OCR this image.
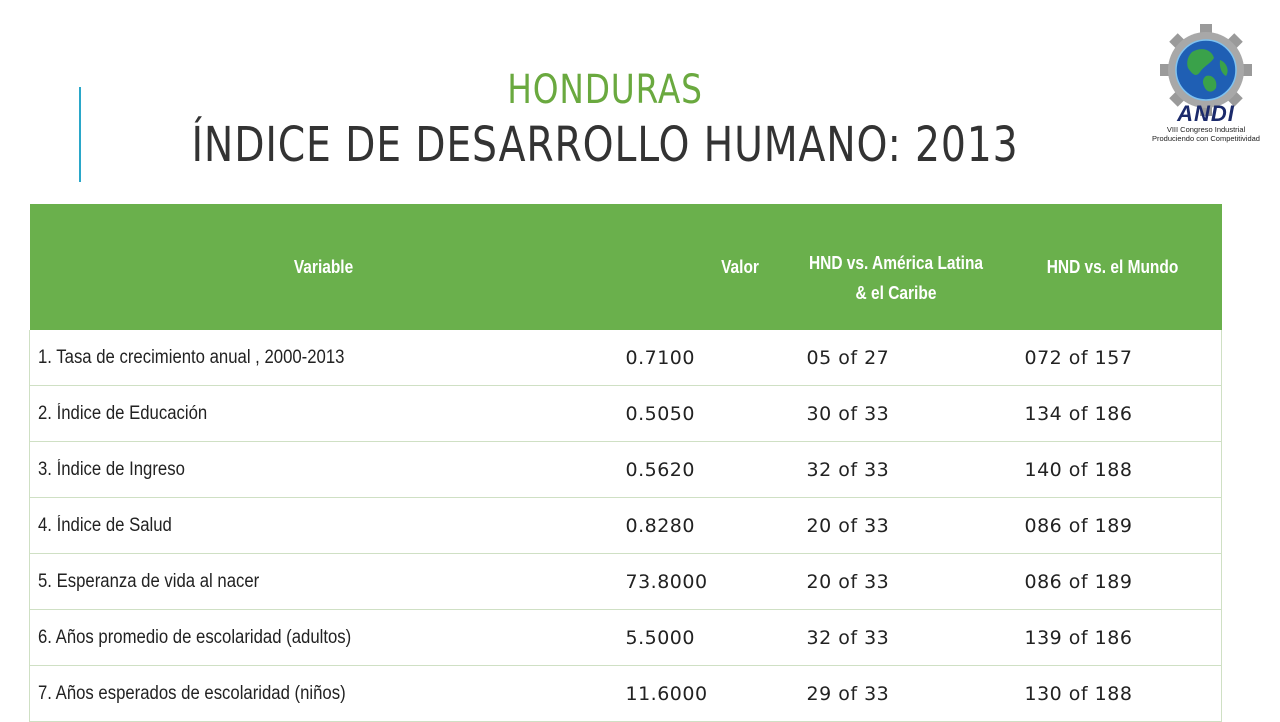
HONDURAS
ÍNDICE DE DESARROLLO HUMANO: 2013
ANDI
VIII Congreso Industrial
Produciendo con Competitividad
Variable	Valor	HND vs. América Latina & el Caribe	HND vs. el Mundo
1. Tasa de crecimiento anual , 2000-2013	0.7100	05 of 27	072 of 157
2. Índice de Educación	0.5050	30 of 33	134 of 186
3. Índice de Ingreso	0.5620	32 of 33	140 of 188
4. Índice de Salud	0.8280	20 of 33	086 of 189
5. Esperanza de vida al nacer	73.8000	20 of 33	086 of 189
6. Años promedio de escolaridad (adultos)	5.5000	32 of 33	139 of 186
7. Años esperados de escolaridad (niños)	11.6000	29 of 33	130 of 188
